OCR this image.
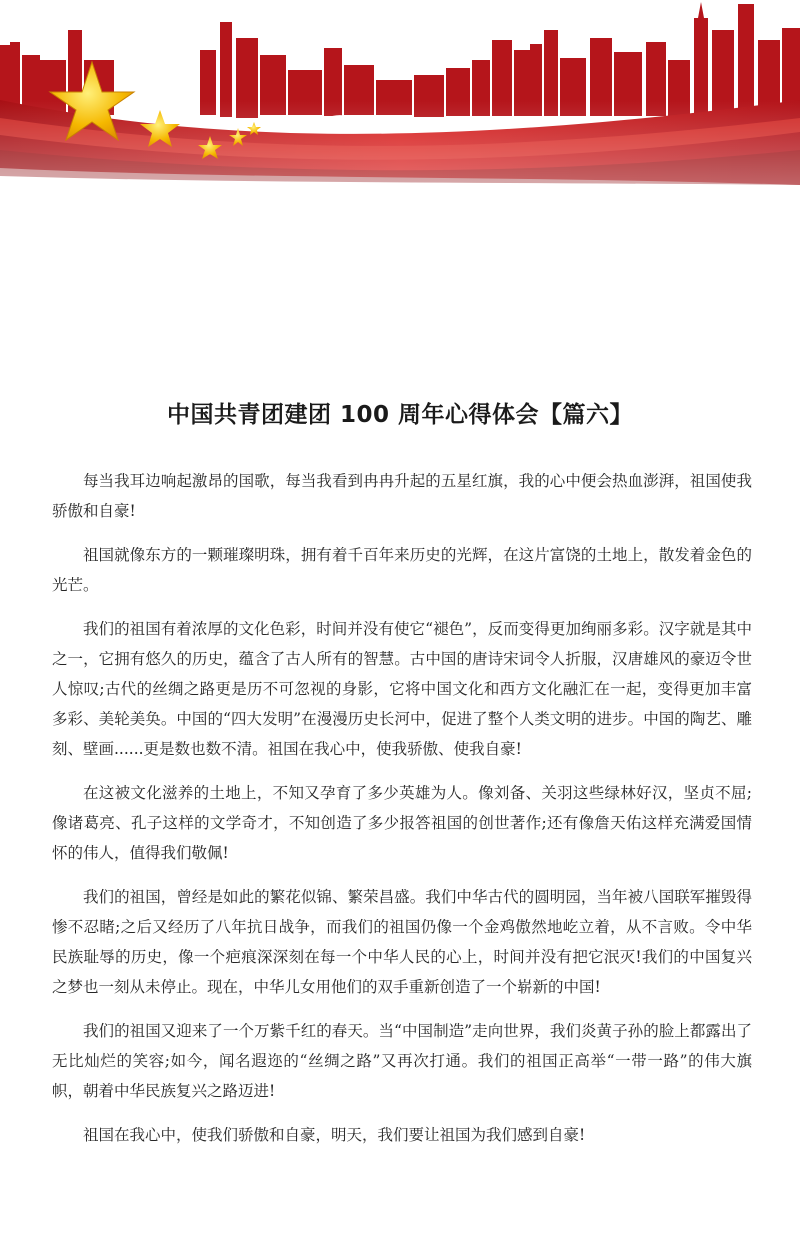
中国共青团建团 100 周年心得体会【篇六】

每当我耳边响起激昂的国歌，每当我看到冉冉升起的五星红旗，我的心中便会热血澎湃，祖国使我骄傲和自豪!

祖国就像东方的一颗璀璨明珠，拥有着千百年来历史的光辉，在这片富饶的土地上，散发着金色的光芒。

我们的祖国有着浓厚的文化色彩，时间并没有使它“褪色”，反而变得更加绚丽多彩。汉字就是其中之一，它拥有悠久的历史，蕴含了古人所有的智慧。古中国的唐诗宋词令人折服，汉唐雄风的豪迈令世人惊叹;古代的丝绸之路更是历不可忽视的身影，它将中国文化和西方文化融汇在一起，变得更加丰富多彩、美轮美奂。中国的“四大发明”在漫漫历史长河中，促进了整个人类文明的进步。中国的陶艺、雕刻、壁画......更是数也数不清。祖国在我心中，使我骄傲、使我自豪!

在这被文化滋养的土地上，不知又孕育了多少英雄为人。像刘备、关羽这些绿林好汉，坚贞不屈;像诸葛亮、孔子这样的文学奇才，不知创造了多少报答祖国的创世著作;还有像詹天佑这样充满爱国情怀的伟人，值得我们敬佩!

我们的祖国，曾经是如此的繁花似锦、繁荣昌盛。我们中华古代的圆明园，当年被八国联军摧毁得惨不忍睹;之后又经历了八年抗日战争，而我们的祖国仍像一个金鸡傲然地屹立着，从不言败。令中华民族耻辱的历史，像一个疤痕深深刻在每一个中华人民的心上，时间并没有把它泯灭!我们的中国复兴之梦也一刻从未停止。现在，中华儿女用他们的双手重新创造了一个崭新的中国!

我们的祖国又迎来了一个万紫千红的春天。当“中国制造”走向世界，我们炎黄子孙的脸上都露出了无比灿烂的笑容;如今，闻名遐迩的“丝绸之路”又再次打通。我们的祖国正高举“一带一路”的伟大旗帜，朝着中华民族复兴之路迈进!

祖国在我心中，使我们骄傲和自豪，明天，我们要让祖国为我们感到自豪!
